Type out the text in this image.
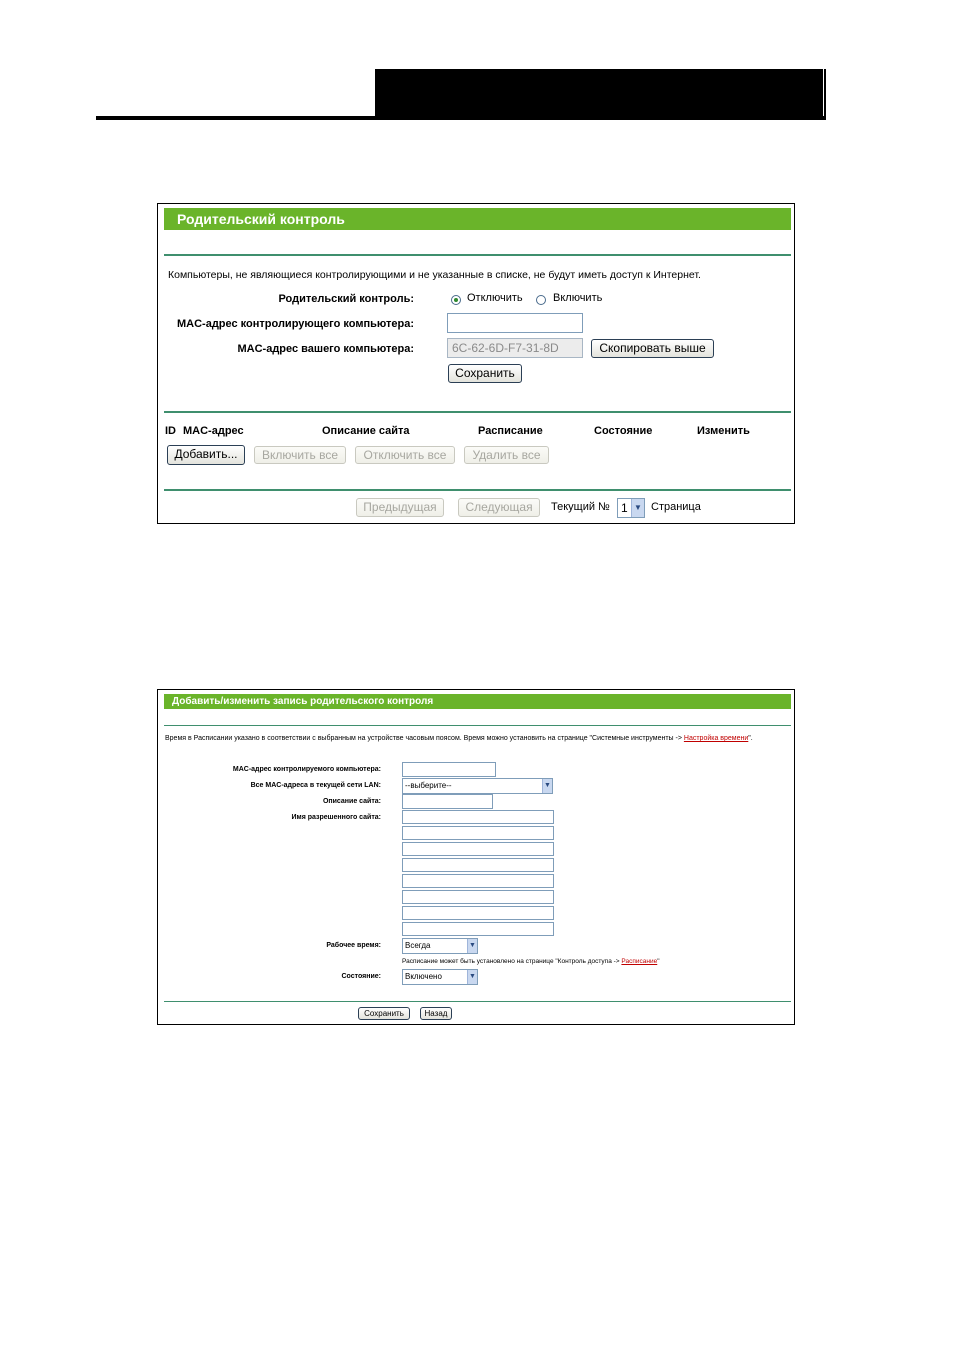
Родительский контроль
Компьютеры, не являющиеся контролирующими и не указанные в списке, не будут иметь доступ к Интернет.
Родительский контроль:	Отключить	Включить
MAC-адрес контролирующего компьютера:
MAC-адрес вашего компьютера:	6C-62-6D-F7-31-8D	Скопировать выше
Сохранить
ID MAC-адрес	Описание сайта	Расписание	Состояние	Изменить
Добавить...	Включить все	Отключить все	Удалить все
Предыдущая	Следующая	Текущий № 1 ▼ Страница
Добавить/изменить запись родительского контроля
Время в Расписании указано в соответствии с выбранным на устройстве часовым поясом. Время можно установить на странице "Системные инструменты -> Настройка времени".
MAC-адрес контролируемого компьютера:
Все MAC-адреса в текущей сети LAN:	--выберите--	▼
Описание сайта:
Имя разрешенного сайта:
Рабочее время:	Всегда	▼
Расписание может быть установлено на странице "Контроль доступа -> Расписание"
Состояние:	Включено	▼
Сохранить	Назад
